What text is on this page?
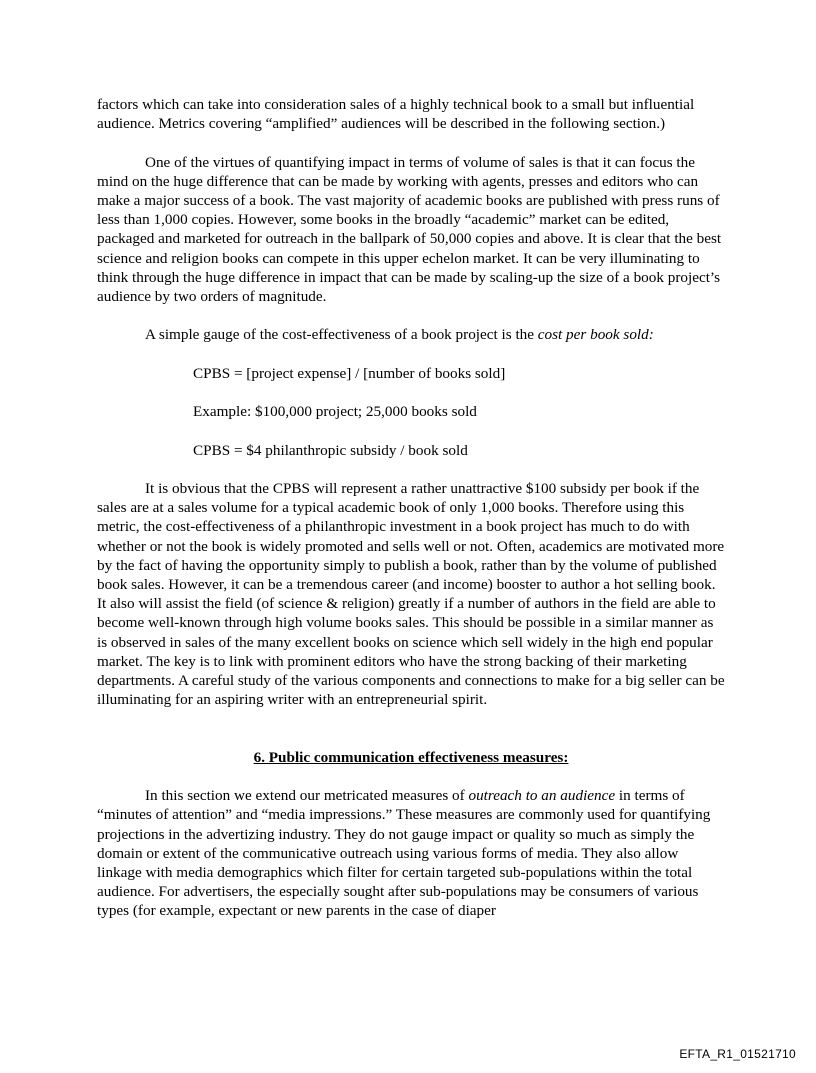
factors which can take into consideration sales of a highly technical book to a small but influential audience. Metrics covering “amplified” audiences will be described in the following section.)

One of the virtues of quantifying impact in terms of volume of sales is that it can focus the mind on the huge difference that can be made by working with agents, presses and editors who can make a major success of a book. The vast majority of academic books are published with press runs of less than 1,000 copies. However, some books in the broadly “academic” market can be edited, packaged and marketed for outreach in the ballpark of 50,000 copies and above. It is clear that the best science and religion books can compete in this upper echelon market. It can be very illuminating to think through the huge difference in impact that can be made by scaling-up the size of a book project’s audience by two orders of magnitude.

A simple gauge of the cost-effectiveness of a book project is the cost per book sold:

CPBS = [project expense] / [number of books sold]

Example: $100,000 project; 25,000 books sold

CPBS = $4 philanthropic subsidy / book sold

It is obvious that the CPBS will represent a rather unattractive $100 subsidy per book if the sales are at a sales volume for a typical academic book of only 1,000 books. Therefore using this metric, the cost-effectiveness of a philanthropic investment in a book project has much to do with whether or not the book is widely promoted and sells well or not. Often, academics are motivated more by the fact of having the opportunity simply to publish a book, rather than by the volume of published book sales. However, it can be a tremendous career (and income) booster to author a hot selling book. It also will assist the field (of science & religion) greatly if a number of authors in the field are able to become well-known through high volume books sales. This should be possible in a similar manner as is observed in sales of the many excellent books on science which sell widely in the high end popular market. The key is to link with prominent editors who have the strong backing of their marketing departments. A careful study of the various components and connections to make for a big seller can be illuminating for an aspiring writer with an entrepreneurial spirit.

6. Public communication effectiveness measures:

In this section we extend our metricated measures of outreach to an audience in terms of “minutes of attention” and “media impressions.” These measures are commonly used for quantifying projections in the advertizing industry. They do not gauge impact or quality so much as simply the domain or extent of the communicative outreach using various forms of media. They also allow linkage with media demographics which filter for certain targeted sub-populations within the total audience. For advertisers, the especially sought after sub-populations may be consumers of various types (for example, expectant or new parents in the case of diaper

EFTA_R1_01521710
